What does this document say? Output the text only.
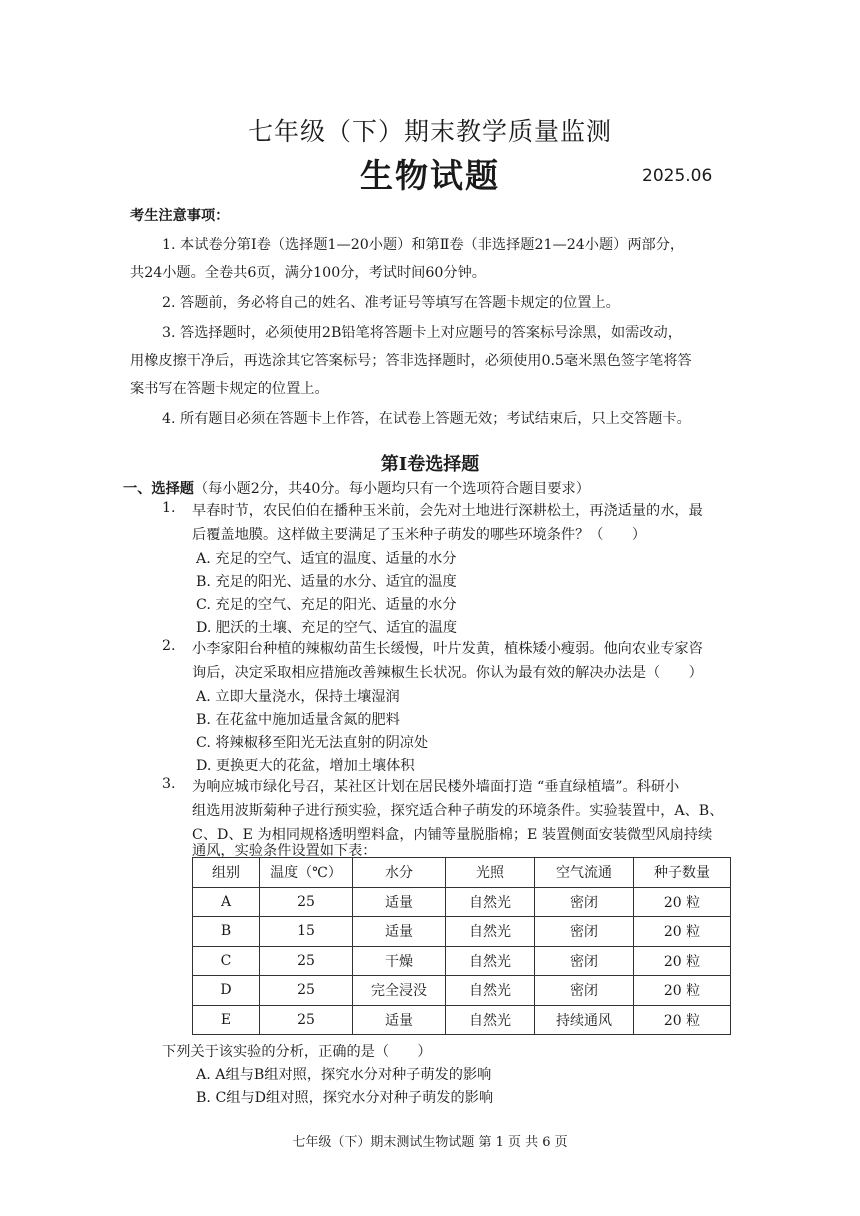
七年级（下）期末教学质量监测
生物试题	2025.06
考生注意事项：
1. 本试卷分第Ⅰ卷（选择题1—20小题）和第Ⅱ卷（非选择题21—24小题）两部分，
共24小题。全卷共6页，满分100分，考试时间60分钟。
2. 答题前，务必将自己的姓名、准考证号等填写在答题卡规定的位置上。
3. 答选择题时，必须使用2B铅笔将答题卡上对应题号的答案标号涂黑，如需改动，
用橡皮擦干净后，再选涂其它答案标号；答非选择题时，必须使用0.5毫米黑色签字笔将答
案书写在答题卡规定的位置上。
4. 所有题目必须在答题卡上作答，在试卷上答题无效；考试结束后，只上交答题卡。
第Ⅰ卷选择题
一、选择题（每小题2分，共40分。每小题均只有一个选项符合题目要求）
1. 早春时节，农民伯伯在播种玉米前，会先对土地进行深耕松土，再浇适量的水，最
后覆盖地膜。这样做主要满足了玉米种子萌发的哪些环境条件？（　　）
A. 充足的空气、适宜的温度、适量的水分
B. 充足的阳光、适量的水分、适宜的温度
C. 充足的空气、充足的阳光、适量的水分
D. 肥沃的土壤、充足的空气、适宜的温度
2. 小李家阳台种植的辣椒幼苗生长缓慢，叶片发黄，植株矮小瘦弱。他向农业专家咨
询后，决定采取相应措施改善辣椒生长状况。你认为最有效的解决办法是（　　）
A. 立即大量浇水，保持土壤湿润
B. 在花盆中施加适量含氮的肥料
C. 将辣椒移至阳光无法直射的阴凉处
D. 更换更大的花盆，增加土壤体积
3. 为响应城市绿化号召，某社区计划在居民楼外墙面打造 “垂直绿植墙”。科研小
组选用波斯菊种子进行预实验，探究适合种子萌发的环境条件。实验装置中，A、B、
C、D、E 为相同规格透明塑料盒，内铺等量脱脂棉；E 装置侧面安装微型风扇持续
通风，实验条件设置如下表：
组别	温度（℃）	水分	光照	空气流通	种子数量
A	25	适量	自然光	密闭	20 粒
B	15	适量	自然光	密闭	20 粒
C	25	干燥	自然光	密闭	20 粒
D	25	完全浸没	自然光	密闭	20 粒
E	25	适量	自然光	持续通风	20 粒
下列关于该实验的分析，正确的是（　　）
A. A组与B组对照，探究水分对种子萌发的影响
B. C组与D组对照，探究水分对种子萌发的影响
七年级（下）期末测试生物试题 第 1 页 共 6 页
